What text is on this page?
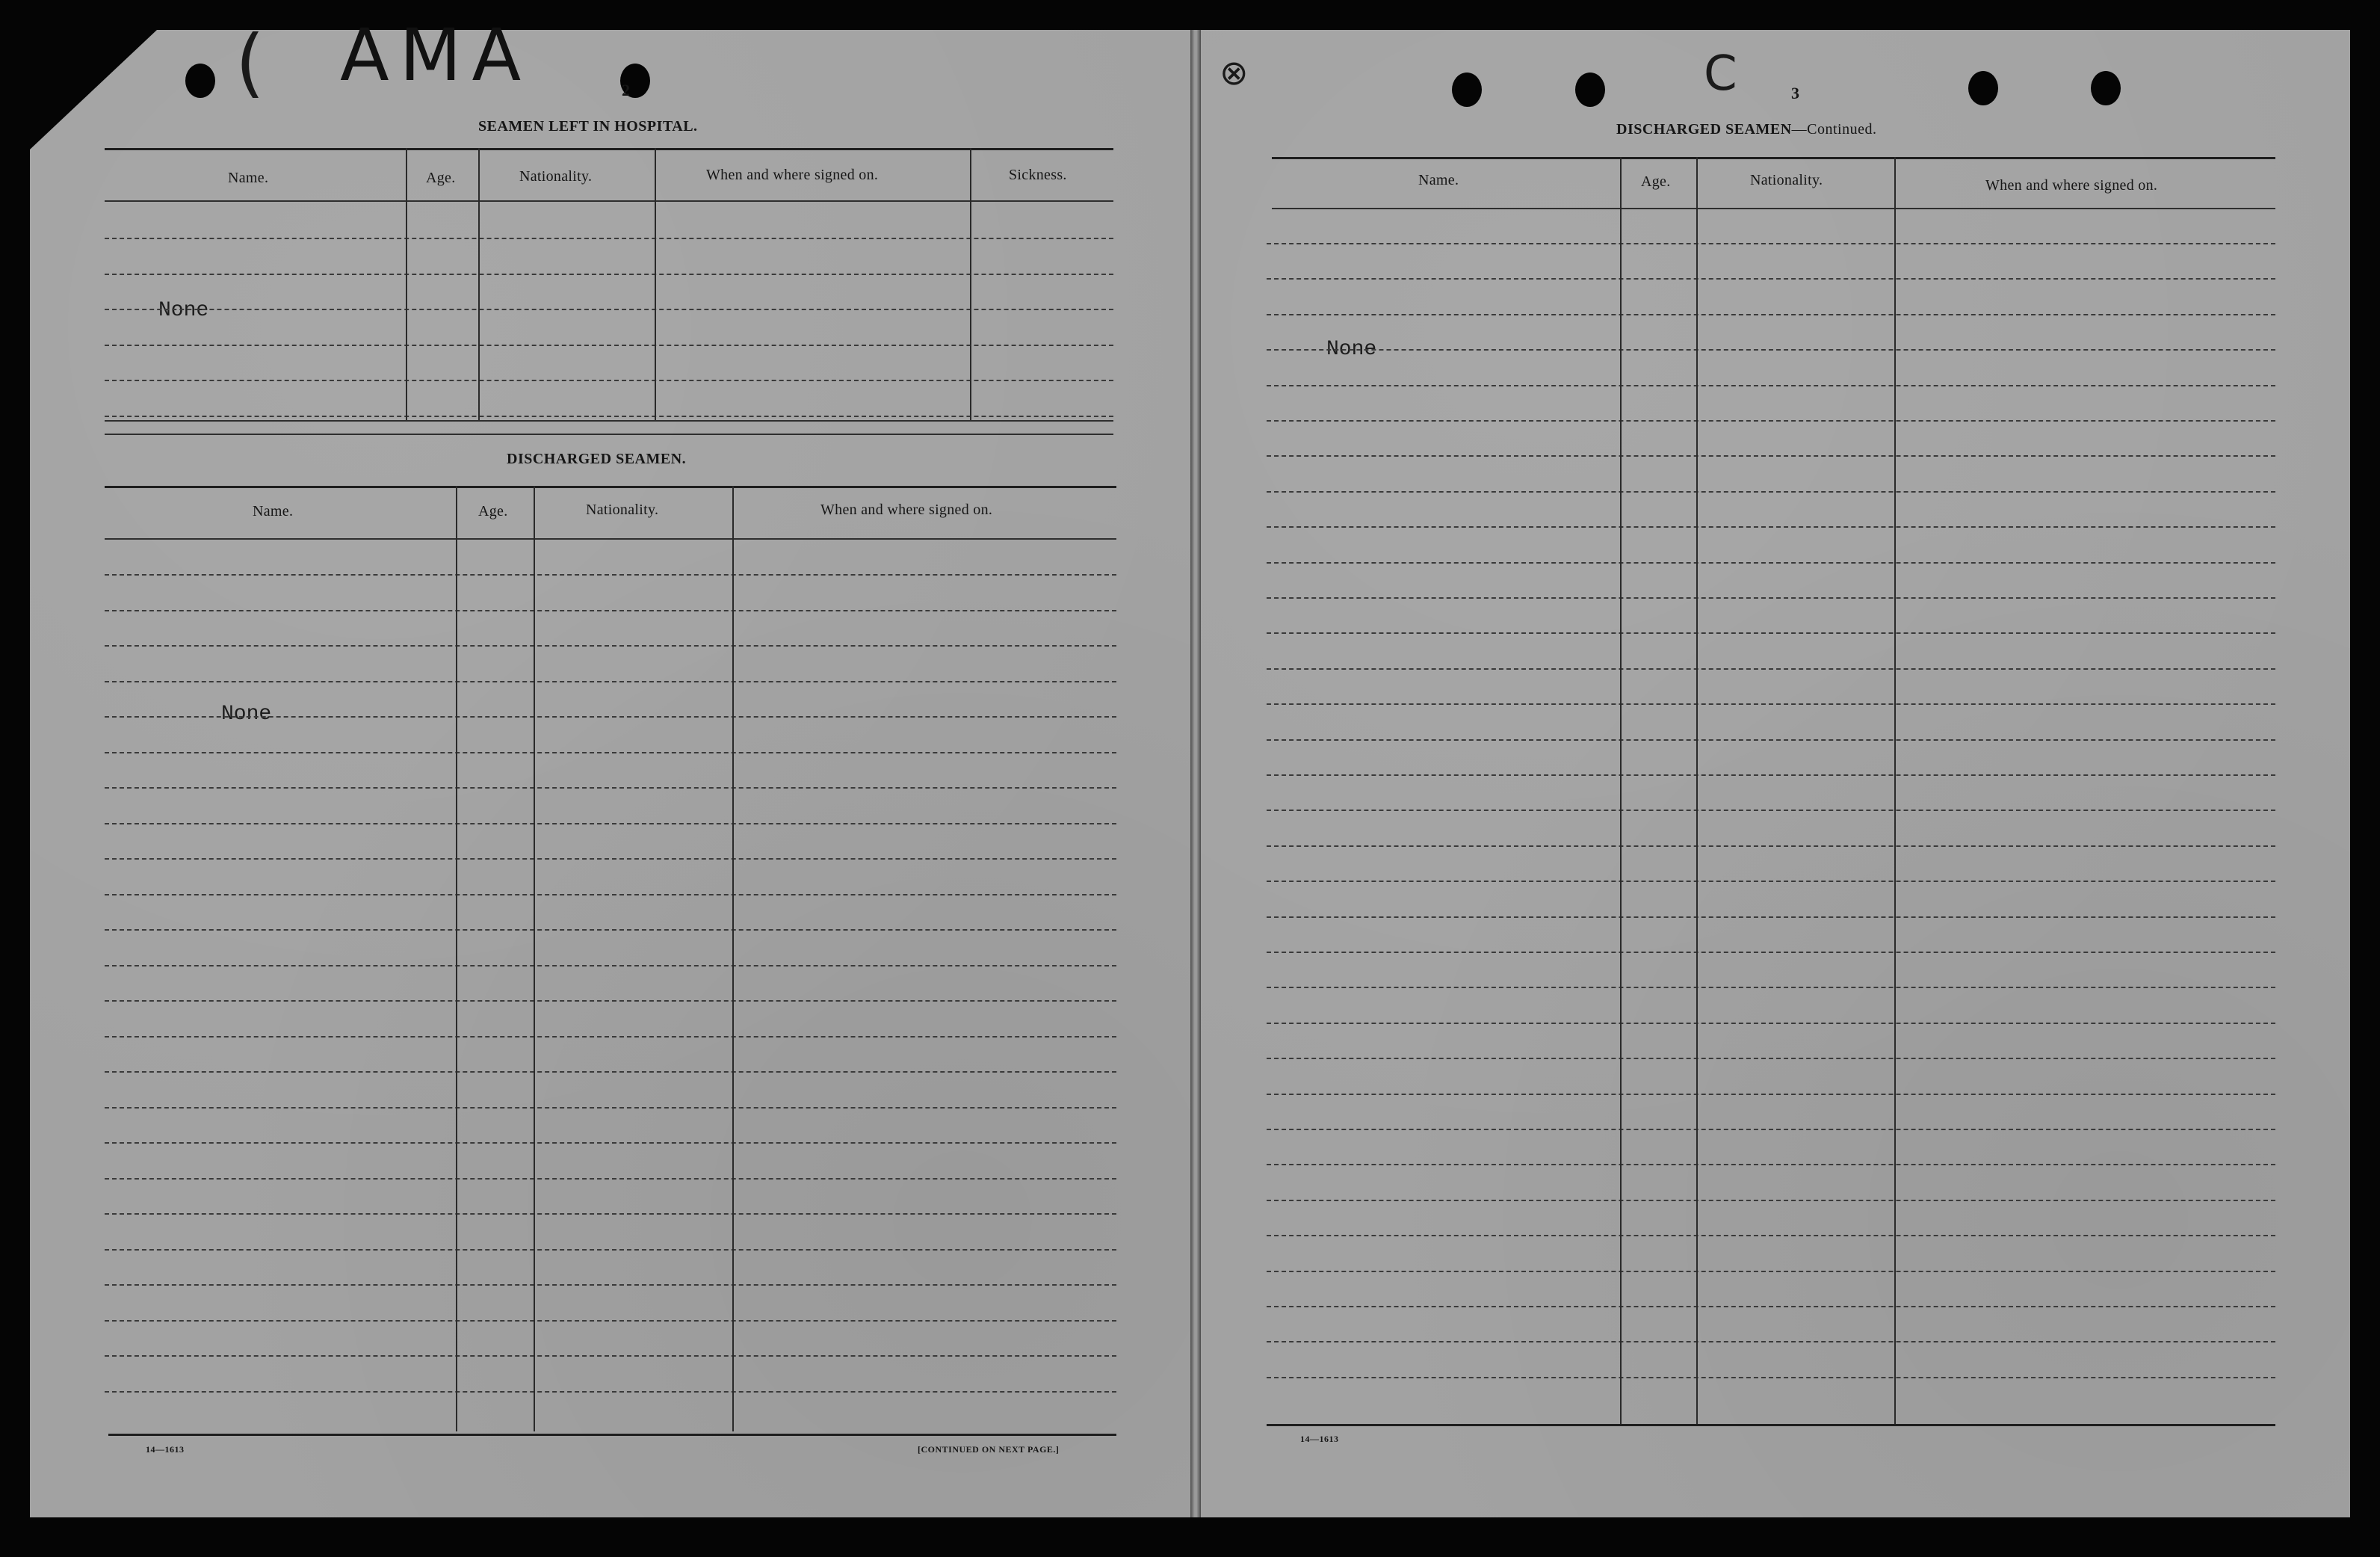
AMA
(	⊗	C
2
SEAMEN LEFT IN HOSPITAL.
Name.	Age.	Nationality.	When and where signed on.	Sickness.
None
DISCHARGED SEAMEN.
Name.	Age.	Nationality.	When and where signed on.
None
14—1613	[CONTINUED ON NEXT PAGE.]
3
DISCHARGED SEAMEN—Continued.
Name.	Age.	Nationality.	When and where signed on.
None
14—1613
